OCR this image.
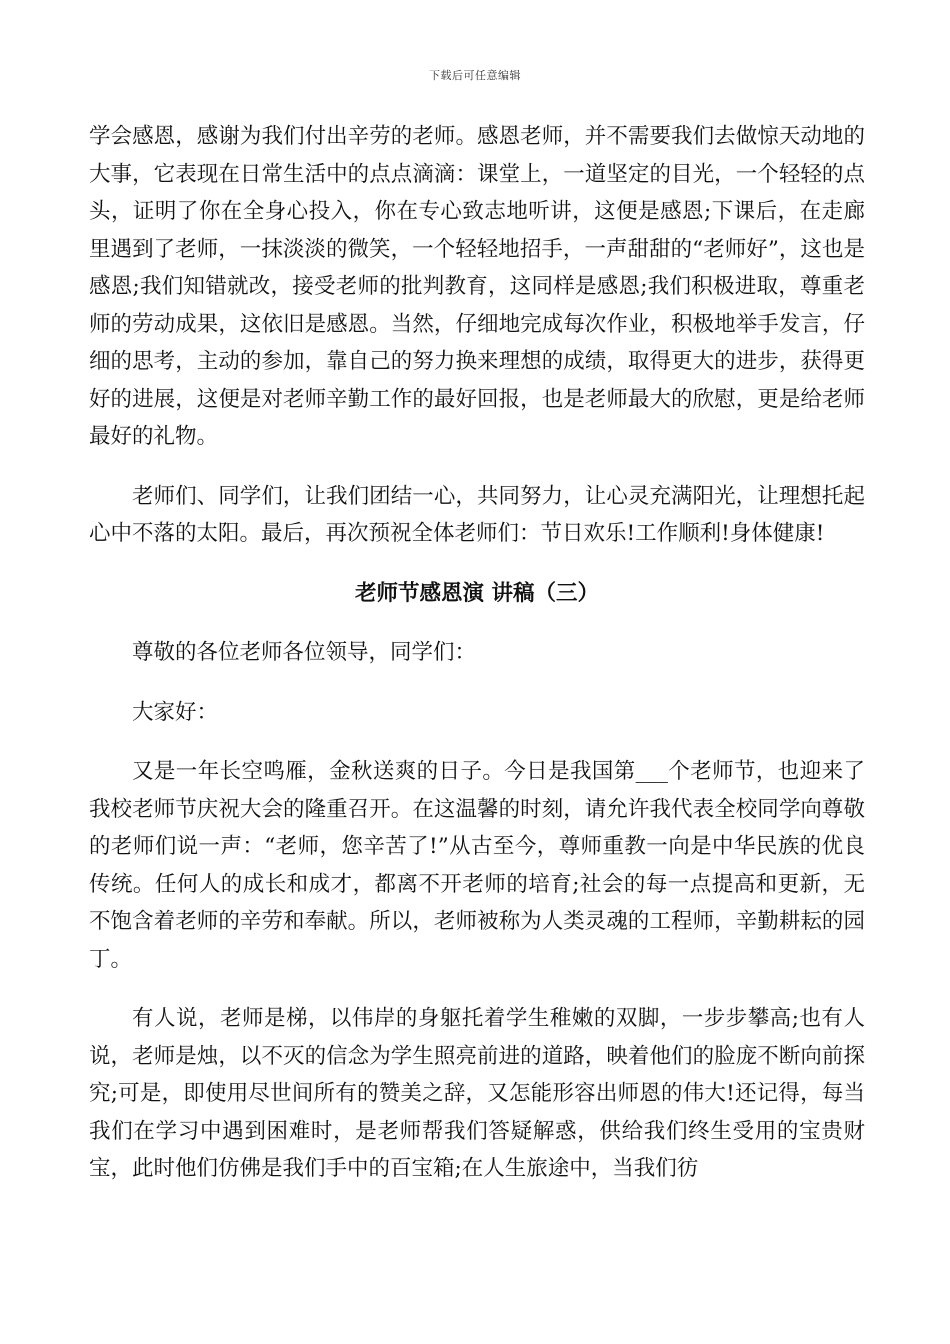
下载后可任意编辑

学会感恩，感谢为我们付出辛劳的老师。感恩老师，并不需要我们去做惊天动地的大事，它表现在日常生活中的点点滴滴：课堂上，一道坚定的目光，一个轻轻的点头，证明了你在全身心投入，你在专心致志地听讲，这便是感恩;下课后，在走廊里遇到了老师，一抹淡淡的微笑，一个轻轻地招手，一声甜甜的“老师好”，这也是感恩;我们知错就改，接受老师的批判教育，这同样是感恩;我们积极进取，尊重老师的劳动成果，这依旧是感恩。当然，仔细地完成每次作业，积极地举手发言，仔细的思考，主动的参加，靠自己的努力换来理想的成绩，取得更大的进步，获得更好的进展，这便是对老师辛勤工作的最好回报，也是老师最大的欣慰，更是给老师最好的礼物。

老师们、同学们，让我们团结一心，共同努力，让心灵充满阳光，让理想托起心中不落的太阳。最后，再次预祝全体老师们：节日欢乐!工作顺利!身体健康!

老师节感恩演 讲稿（三）

尊敬的各位老师各位领导，同学们：

大家好：

又是一年长空鸣雁，金秋送爽的日子。今日是我国第___个老师节，也迎来了我校老师节庆祝大会的隆重召开。在这温馨的时刻，请允许我代表全校同学向尊敬的老师们说一声：“老师，您辛苦了!”从古至今，尊师重教一向是中华民族的优良传统。任何人的成长和成才，都离不开老师的培育;社会的每一点提高和更新，无不饱含着老师的辛劳和奉献。所以，老师被称为人类灵魂的工程师，辛勤耕耘的园丁。

有人说，老师是梯，以伟岸的身躯托着学生稚嫩的双脚，一步步攀高;也有人说，老师是烛，以不灭的信念为学生照亮前进的道路，映着他们的脸庞不断向前探究;可是，即使用尽世间所有的赞美之辞，又怎能形容出师恩的伟大!还记得，每当我们在学习中遇到困难时，是老师帮我们答疑解惑，供给我们终生受用的宝贵财宝，此时他们仿佛是我们手中的百宝箱;在人生旅途中，当我们彷
